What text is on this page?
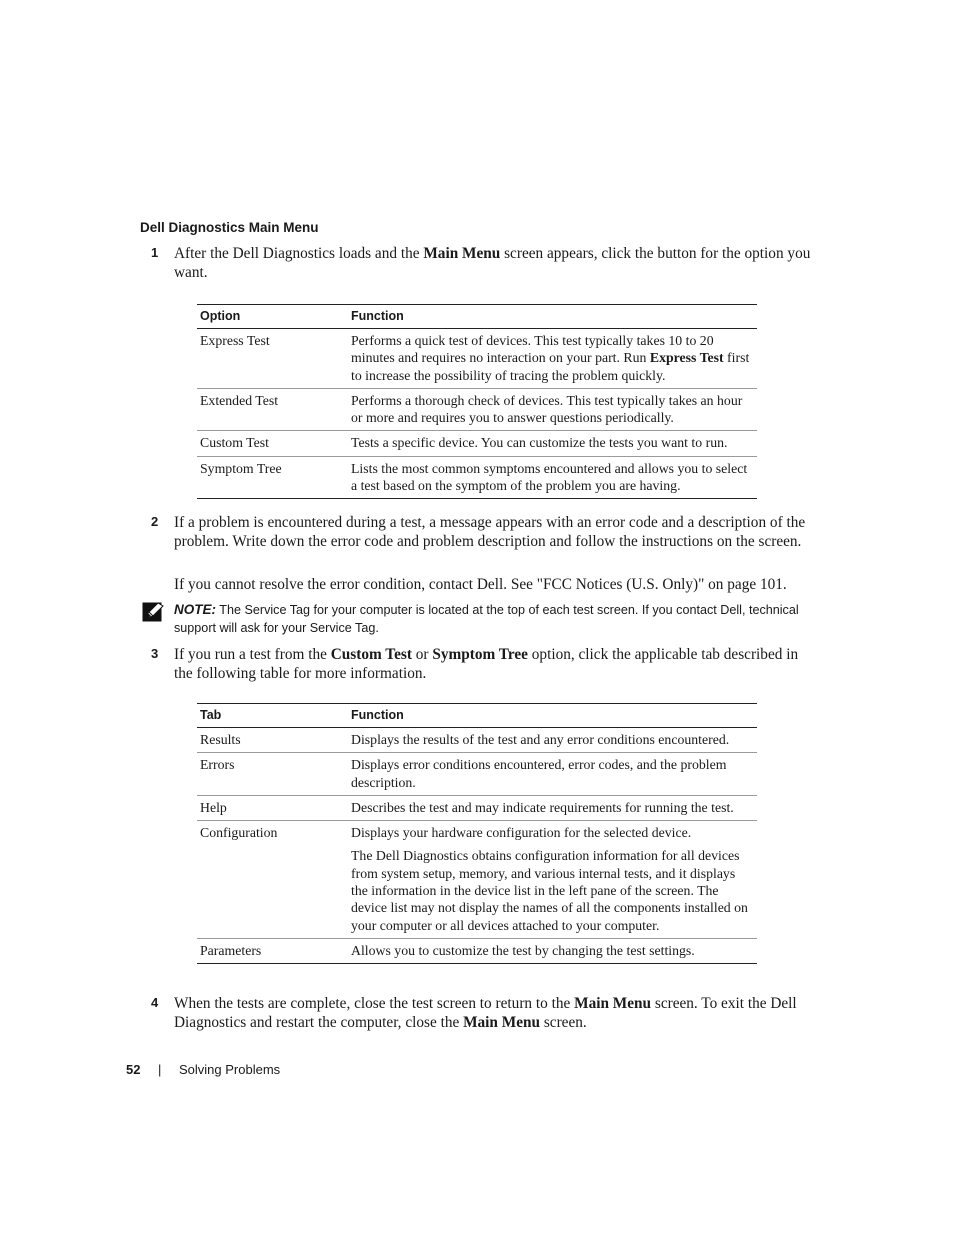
Dell Diagnostics Main Menu
1 After the Dell Diagnostics loads and the Main Menu screen appears, click the button for the option you want.
Option	Function
Express Test	Performs a quick test of devices. This test typically takes 10 to 20 minutes and requires no interaction on your part. Run Express Test first to increase the possibility of tracing the problem quickly.
Extended Test	Performs a thorough check of devices. This test typically takes an hour or more and requires you to answer questions periodically.
Custom Test	Tests a specific device. You can customize the tests you want to run.
Symptom Tree	Lists the most common symptoms encountered and allows you to select a test based on the symptom of the problem you are having.
2 If a problem is encountered during a test, a message appears with an error code and a description of the problem. Write down the error code and problem description and follow the instructions on the screen.
If you cannot resolve the error condition, contact Dell. See "FCC Notices (U.S. Only)" on page 101.
NOTE: The Service Tag for your computer is located at the top of each test screen. If you contact Dell, technical support will ask for your Service Tag.
3 If you run a test from the Custom Test or Symptom Tree option, click the applicable tab described in the following table for more information.
Tab	Function
Results	Displays the results of the test and any error conditions encountered.
Errors	Displays error conditions encountered, error codes, and the problem description.
Help	Describes the test and may indicate requirements for running the test.
Configuration	Displays your hardware configuration for the selected device.

The Dell Diagnostics obtains configuration information for all devices from system setup, memory, and various internal tests, and it displays the information in the device list in the left pane of the screen. The device list may not display the names of all the components installed on your computer or all devices attached to your computer.

Parameters	Allows you to customize the test by changing the test settings.
4 When the tests are complete, close the test screen to return to the Main Menu screen. To exit the Dell Diagnostics and restart the computer, close the Main Menu screen.
52 | Solving Problems
